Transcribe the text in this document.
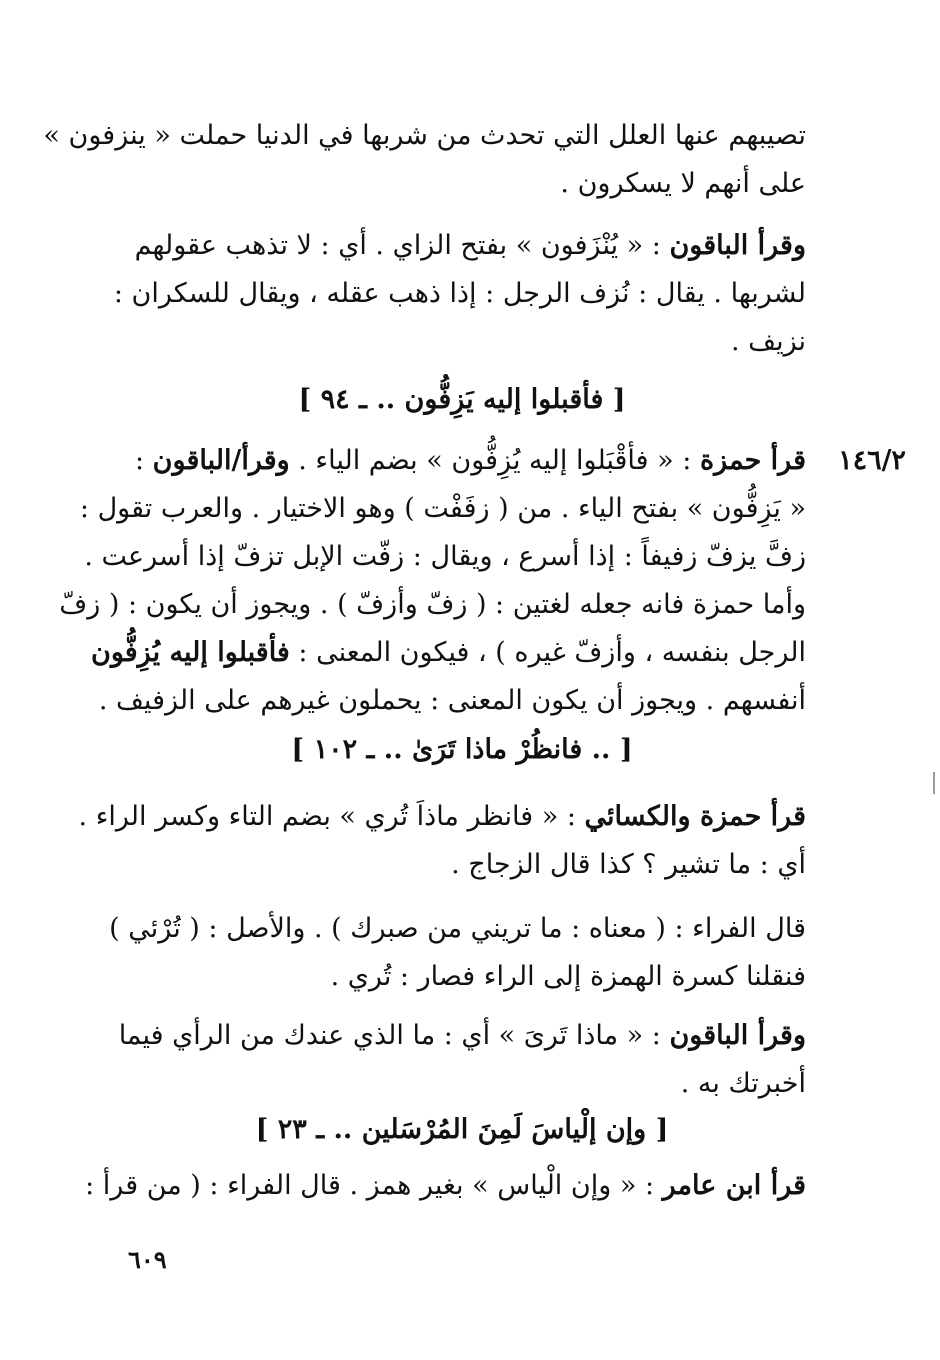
تصيبهم عنها العلل التي تحدث من شربها في الدنيا حملت « ينزفون »
على أنهم لا يسكرون .
وقرأ الباقون : « يُنْزَفون » بفتح الزاي . أي : لا تذهب عقولهم
لشربها . يقال : نُزف الرجل : إذا ذهب عقله ، ويقال للسكران :
نزيف .
[ فأقبلوا إليه يَزِفُّون .. ـ ٩٤ ]
١٤٦/٢
قرأ حمزة : « فأقْبَلوا إليه يُزِفُّون » بضم الياء . وقرأ/الباقون :
« يَزِفُّون » بفتح الياء . من ( زفَفْت ) وهو الاختيار . والعرب تقول :
زفَّ يزفّ زفيفاً : إذا أسرع ، ويقال : زفّت الإبل تزفّ إذا أسرعت .
وأما حمزة فانه جعله لغتين : ( زفّ وأزفّ ) . ويجوز أن يكون : ( زفّ
الرجل بنفسه ، وأزفّ غيره ) ، فيكون المعنى : فأقبلوا إليه يُزِفُّون
أنفسهم . ويجوز أن يكون المعنى : يحملون غيرهم على الزفيف .
[ .. فانظُرْ ماذا تَرَىٰ .. ـ ١٠٢ ]
قرأ حمزة والكسائي : « فانظر ماذاَ تُري » بضم التاء وكسر الراء .
أي : ما تشير ؟ كذا قال الزجاج .
قال الفراء : ( معناه : ما تريني من صبرك ) . والأصل : ( تُرْئي )
فنقلنا كسرة الهمزة إلى الراء فصار : تُري .
وقرأ الباقون : « ماذا تَرىَ » أي : ما الذي عندك من الرأي فيما
أخبرتك به .
[ وإن إلْياسَ لَمِنَ المُرْسَلين .. ـ ٢٣ ]
قرأ ابن عامر : « وإن الْياس » بغير همز . قال الفراء : ( من قرأ :
٦٠٩
